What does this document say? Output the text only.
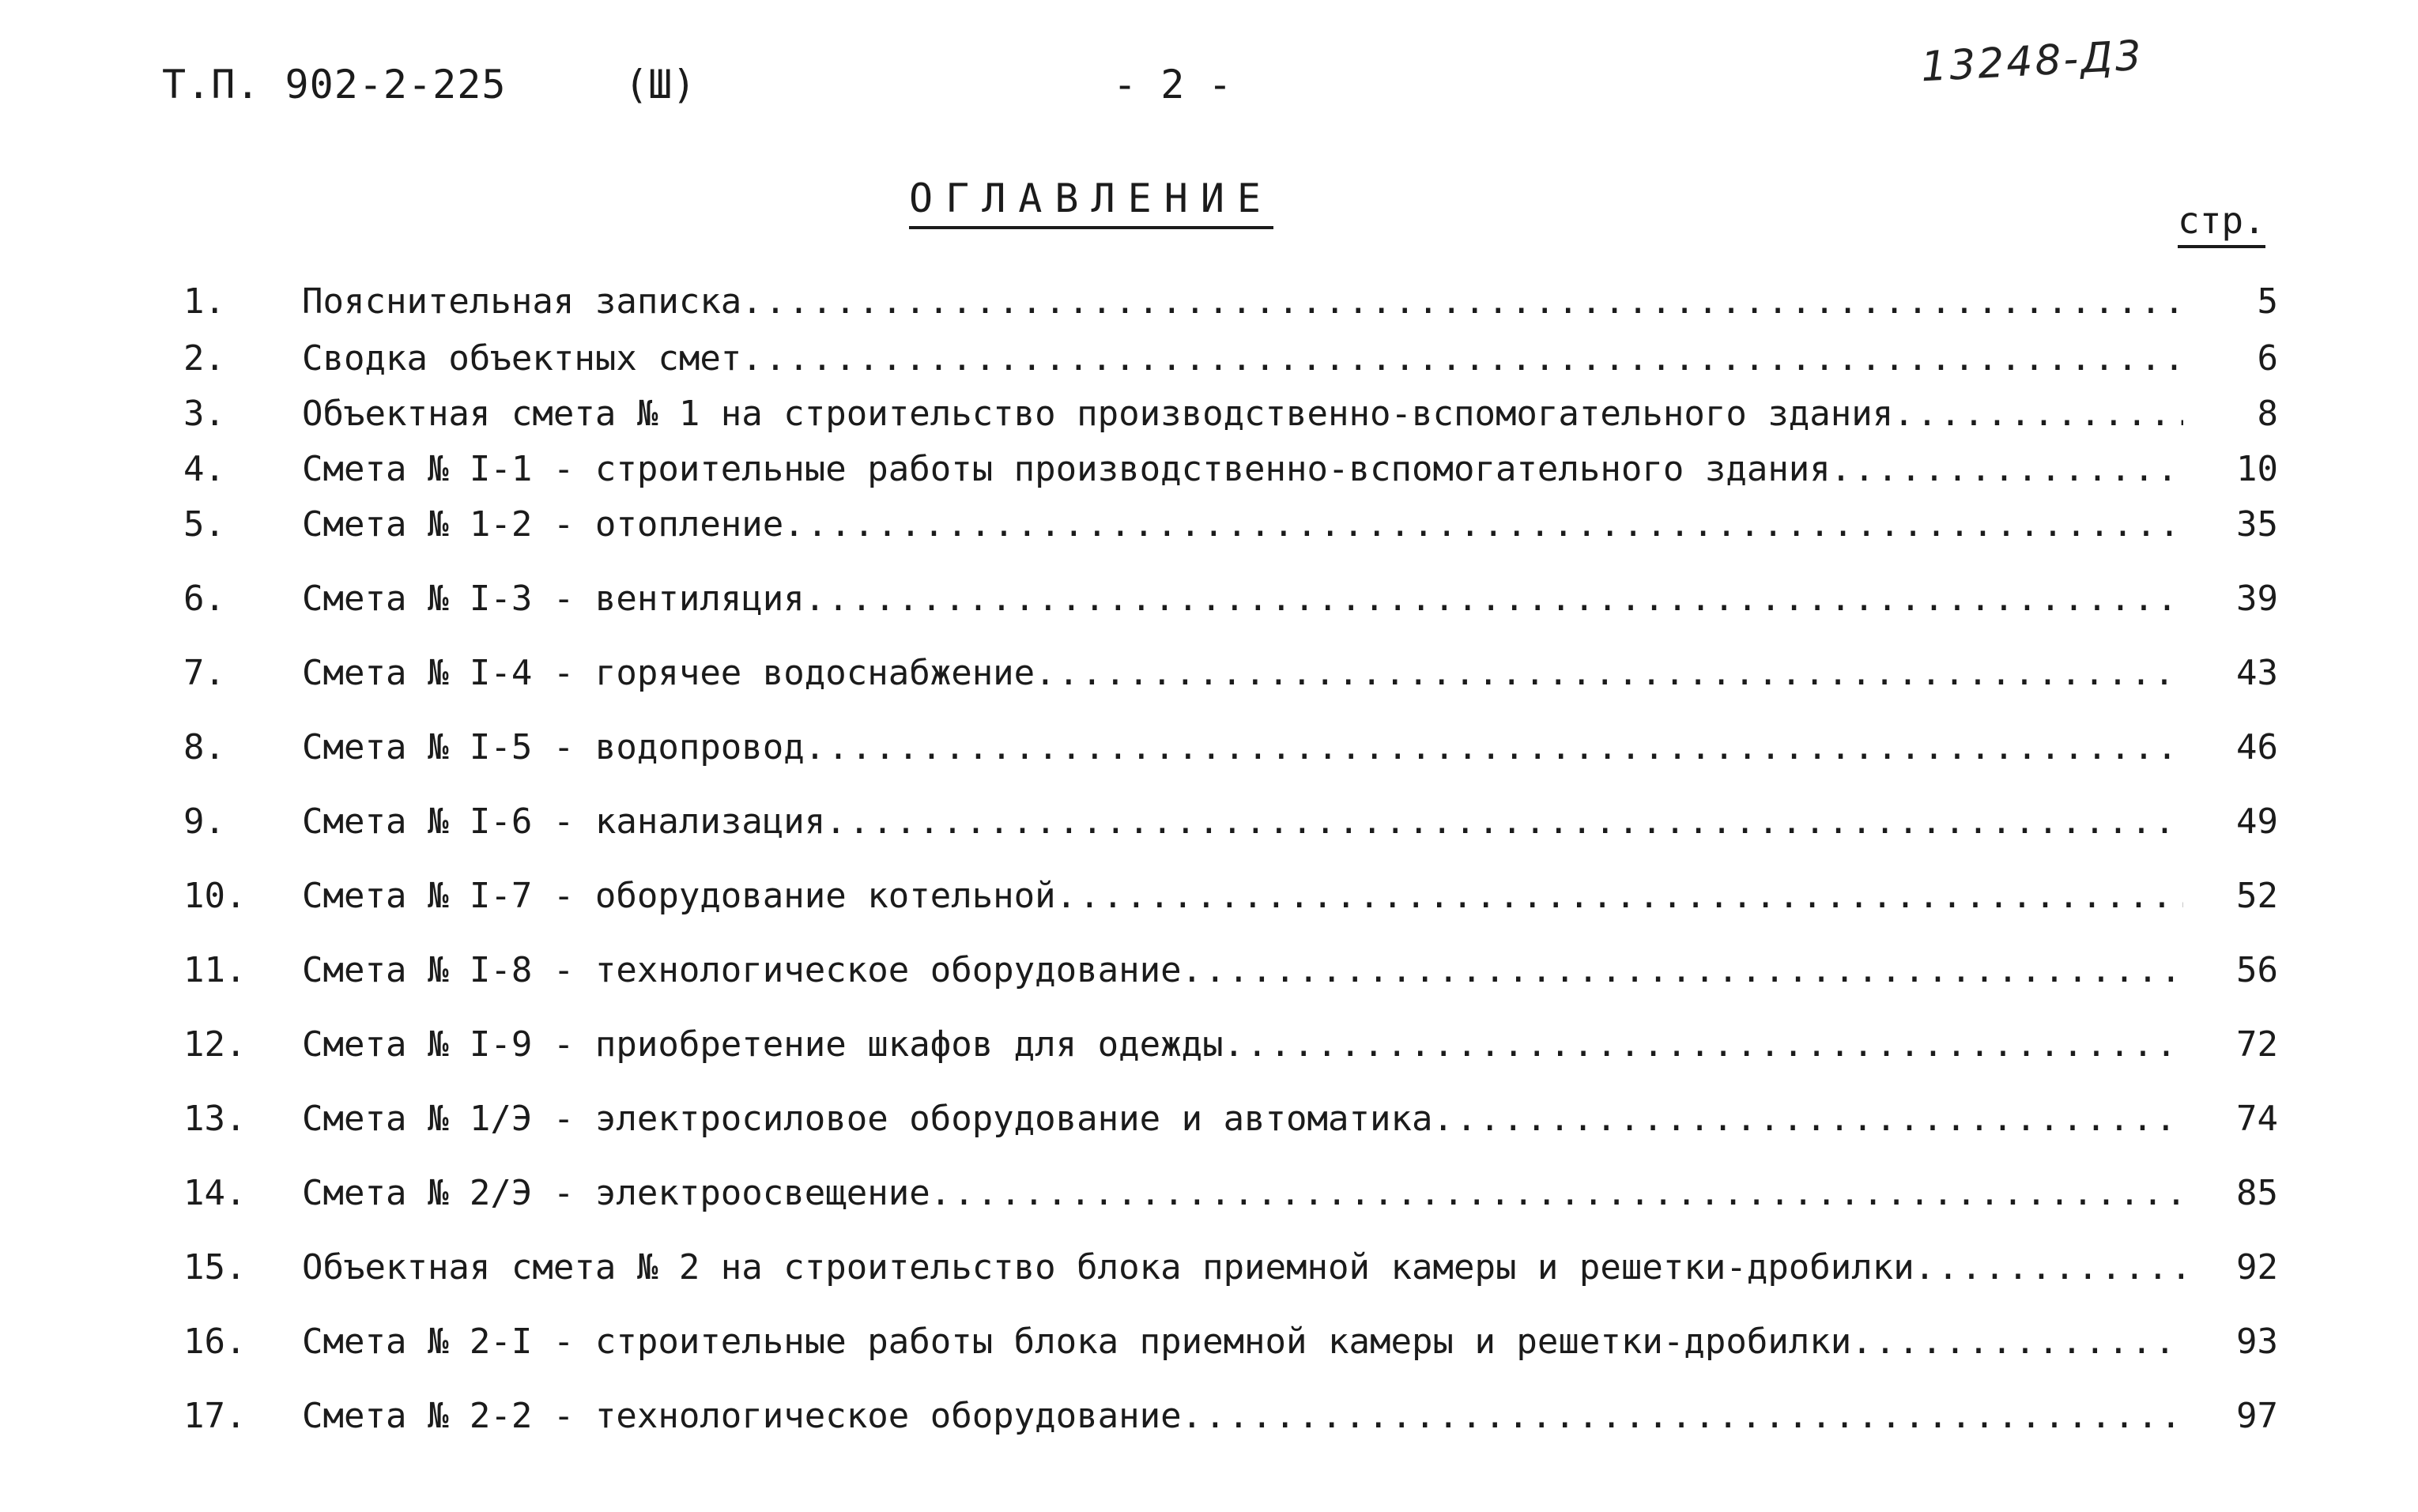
Т.П. 902-2-225	(Ш)	- 2 -	13248-Д3
ОГЛАВЛЕНИЕ	стр.
1.	Пояснительная записка .....	5
2.	Сводка объектных смет .....	6
3.	Объектная смета № 1 на строительство производственно-вспомогательного здания .....	8
4.	Смета № I-1 - строительные работы производственно-вспомогательного здания .....	10
5.	Смета № 1-2 - отопление .....	35
6.	Смета № I-3 - вентиляция .....	39
7.	Смета № I-4 - горячее водоснабжение .....	43
8.	Смета № I-5 - водопровод .....	46
9.	Смета № I-6 - канализация .....	49
10.	Смета № I-7 - оборудование котельной .....	52
11.	Смета № I-8 - технологическое оборудование .....	56
12.	Смета № I-9 - приобретение шкафов для одежды .....	72
13.	Смета № 1/Э - электросиловое оборудование и автоматика .....	74
14.	Смета № 2/Э - электроосвещение .....	85
15.	Объектная смета № 2 на строительство блока приемной камеры и решетки-дробилки .....	92
16.	Смета № 2-I - строительные работы блока приемной камеры и решетки-дробилки .....	93
17.	Смета № 2-2 - технологическое оборудование .....	97
